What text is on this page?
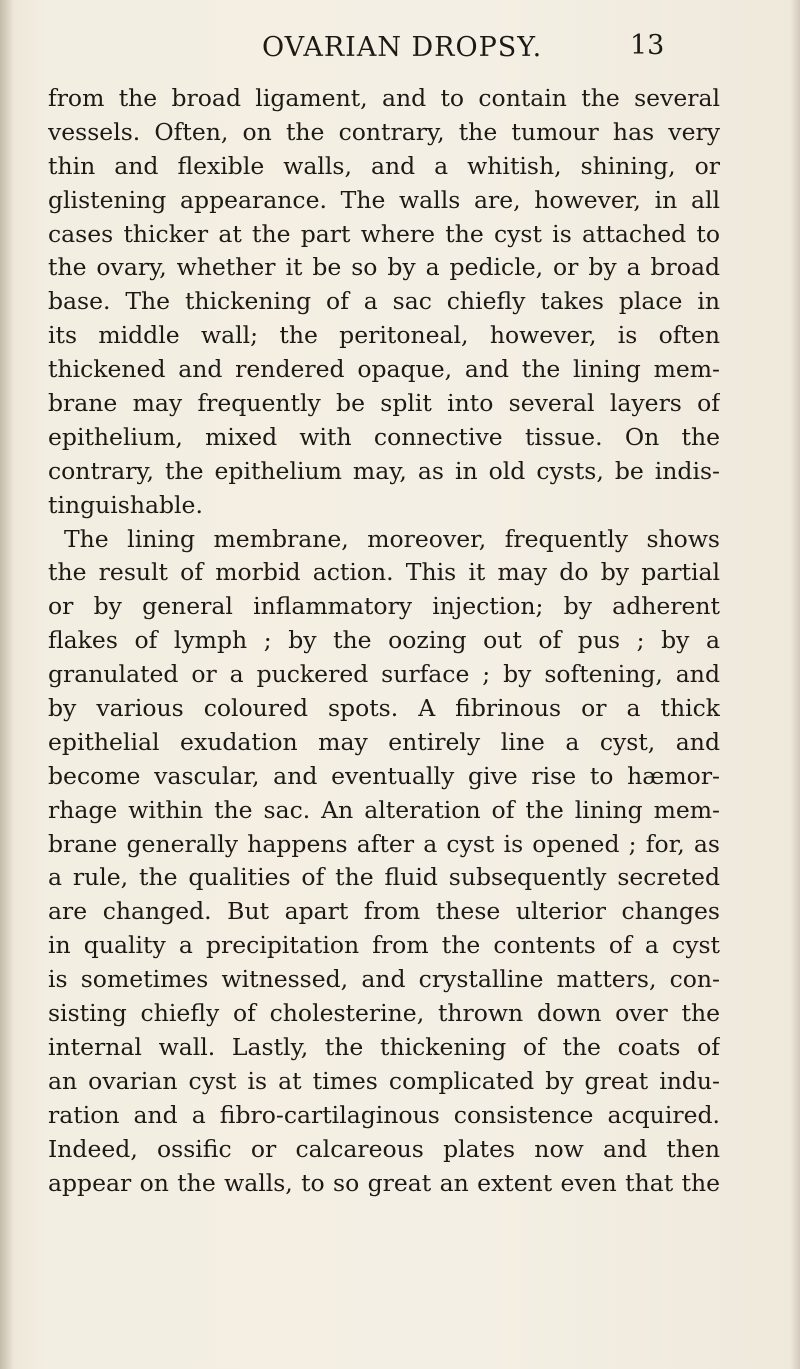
OVARIAN DROPSY.	13
from the broad ligament, and to contain the several
vessels. Often, on the contrary, the tumour has very
thin and flexible walls, and a whitish, shining, or
glistening appearance. The walls are, however, in all
cases thicker at the part where the cyst is attached to
the ovary, whether it be so by a pedicle, or by a broad
base. The thickening of a sac chiefly takes place in
its middle wall; the peritoneal, however, is often
thickened and rendered opaque, and the lining mem-
brane may frequently be split into several layers of
epithelium, mixed with connective tissue. On the
contrary, the epithelium may, as in old cysts, be indis-
tinguishable.
The lining membrane, moreover, frequently shows
the result of morbid action. This it may do by partial
or by general inflammatory injection; by adherent
flakes of lymph ; by the oozing out of pus ; by a
granulated or a puckered surface ; by softening, and
by various coloured spots. A fibrinous or a thick
epithelial exudation may entirely line a cyst, and
become vascular, and eventually give rise to hæmor-
rhage within the sac. An alteration of the lining mem-
brane generally happens after a cyst is opened ; for, as
a rule, the qualities of the fluid subsequently secreted
are changed. But apart from these ulterior changes
in quality a precipitation from the contents of a cyst
is sometimes witnessed, and crystalline matters, con-
sisting chiefly of cholesterine, thrown down over the
internal wall. Lastly, the thickening of the coats of
an ovarian cyst is at times complicated by great indu-
ration and a fibro-cartilaginous consistence acquired.
Indeed, ossific or calcareous plates now and then
appear on the walls, to so great an extent even that the
